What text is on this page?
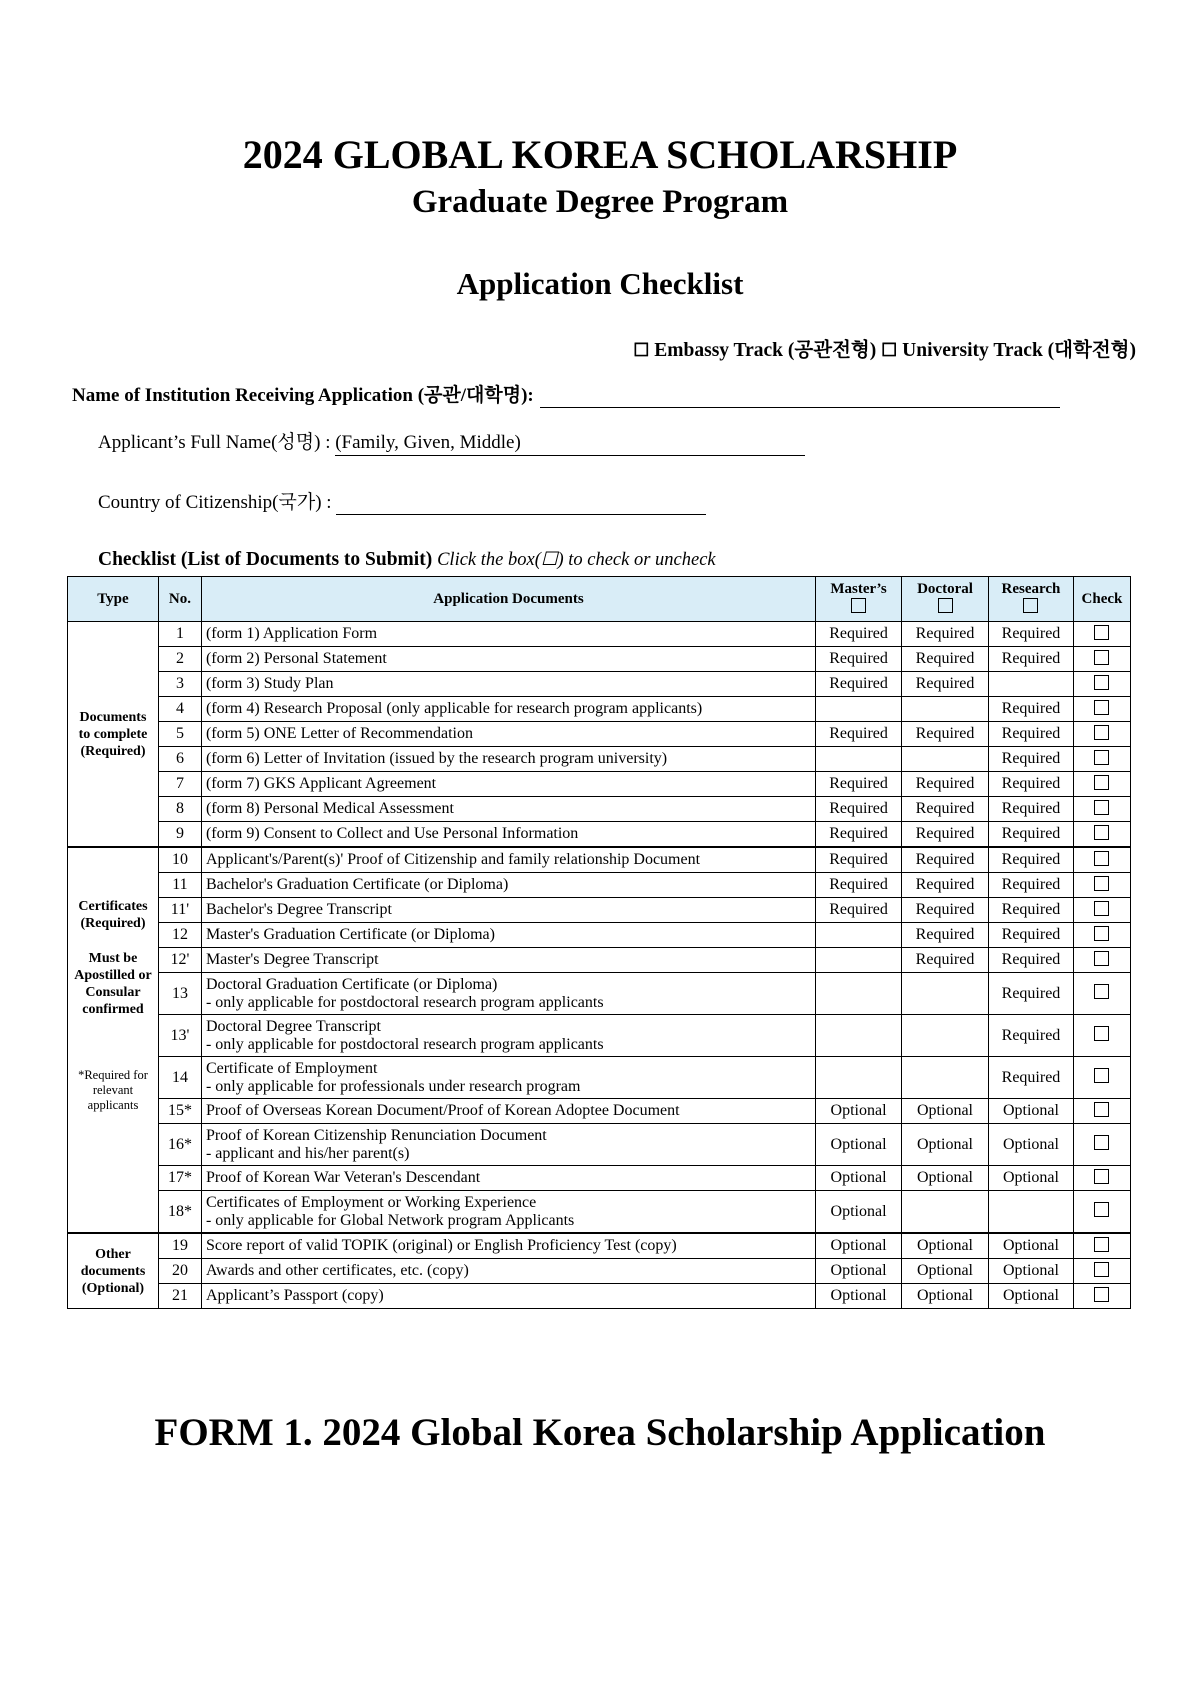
2024 GLOBAL KOREA SCHOLARSHIP
Graduate Degree Program
Application Checklist
☐ Embassy Track (공관전형) ☐ University Track (대학전형)
Name of Institution Receiving Application (공관/대학명):
Applicant’s Full Name(성명) : (Family, Given, Middle)
Country of Citizenship(국가) :
Checklist (List of Documents to Submit) Click the box(☐) to check or uncheck
Type	No.	Application Documents	Master’s	Doctoral	Research	Check
Documents to complete (Required)	1	(form 1) Application Form	Required	Required	Required	
	2	(form 2) Personal Statement	Required	Required	Required	
	3	(form 3) Study Plan	Required	Required		
	4	(form 4) Research Proposal (only applicable for research program applicants)			Required	
	5	(form 5) ONE Letter of Recommendation	Required	Required	Required	
	6	(form 6) Letter of Invitation (issued by the research program university)			Required	
	7	(form 7) GKS Applicant Agreement	Required	Required	Required	
	8	(form 8) Personal Medical Assessment	Required	Required	Required	
	9	(form 9) Consent to Collect and Use Personal Information	Required	Required	Required	
Certificates (Required)
Must be Apostilled or Consular confirmed
*Required for relevant applicants	10	Applicant's/Parent(s)' Proof of Citizenship and family relationship Document	Required	Required	Required	
	11	Bachelor's Graduation Certificate (or Diploma)	Required	Required	Required	
	11'	Bachelor's Degree Transcript	Required	Required	Required	
	12	Master's Graduation Certificate (or Diploma)		Required	Required	
	12'	Master's Degree Transcript		Required	Required	
	13	Doctoral Graduation Certificate (or Diploma)
- only applicable for postdoctoral research program applicants			Required	
	13'	Doctoral Degree Transcript
- only applicable for postdoctoral research program applicants			Required	
	14	Certificate of Employment
- only applicable for professionals under research program			Required	
	15*	Proof of Overseas Korean Document/Proof of Korean Adoptee Document	Optional	Optional	Optional	
	16*	Proof of Korean Citizenship Renunciation Document
- applicant and his/her parent(s)	Optional	Optional	Optional	
	17*	Proof of Korean War Veteran's Descendant	Optional	Optional	Optional	
	18*	Certificates of Employment or Working Experience
- only applicable for Global Network program Applicants	Optional			
Other documents (Optional)	19	Score report of valid TOPIK (original) or English Proficiency Test (copy)	Optional	Optional	Optional	
	20	Awards and other certificates, etc. (copy)	Optional	Optional	Optional	
	21	Applicant’s Passport (copy)	Optional	Optional	Optional	
FORM 1. 2024 Global Korea Scholarship Application
